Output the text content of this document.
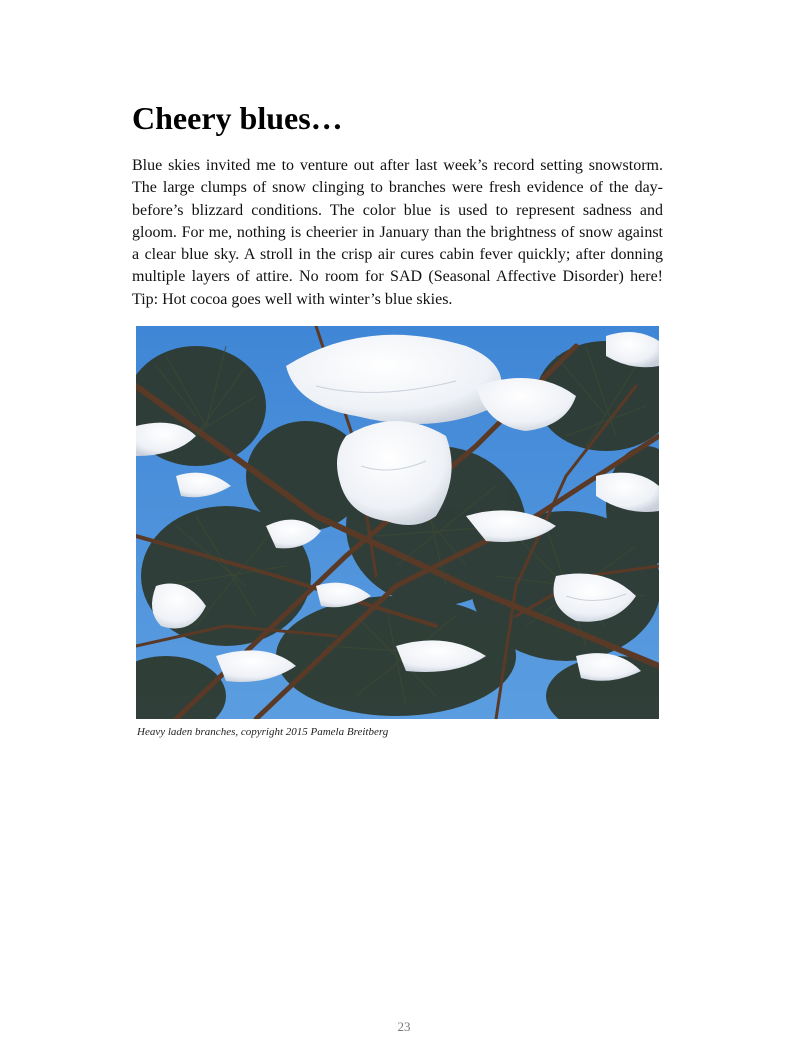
Cheery blues…

Blue skies invited me to venture out after last week’s record setting snowstorm. The large clumps of snow clinging to branches were fresh evidence of the day-before’s blizzard conditions. The color blue is used to represent sadness and gloom. For me, nothing is cheerier in January than the brightness of snow against a clear blue sky. A stroll in the crisp air cures cabin fever quickly; after donning multiple layers of attire. No room for SAD (Seasonal Affective Disorder) here! Tip: Hot cocoa goes well with winter’s blue skies.

Heavy laden branches, copyright 2015 Pamela Breitberg

23
